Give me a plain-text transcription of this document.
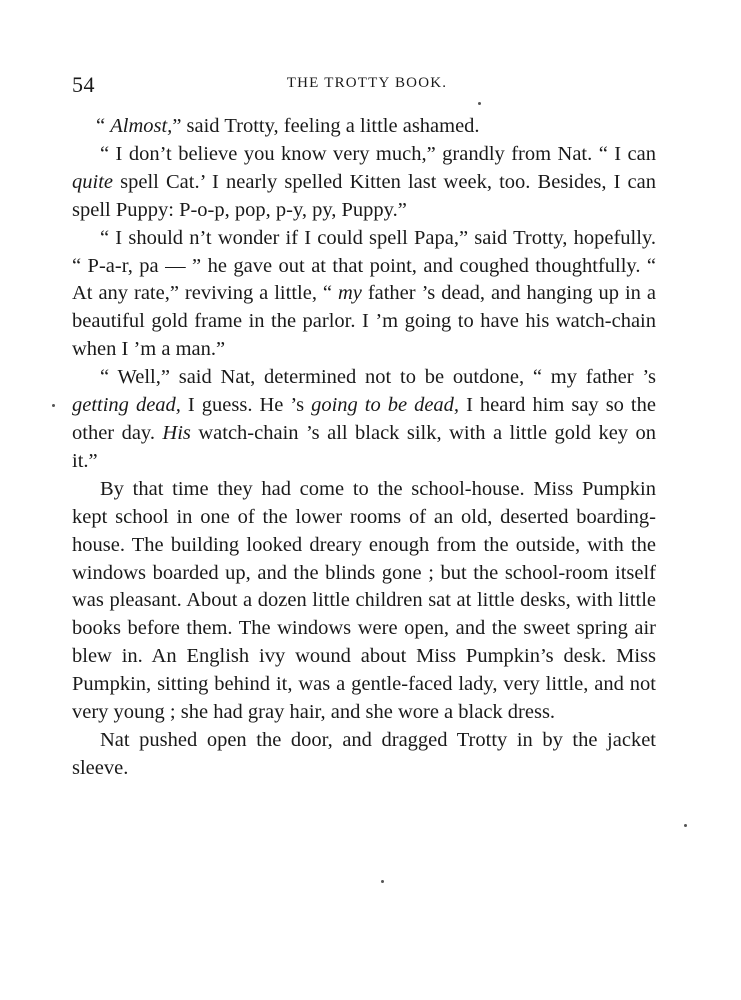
54	THE TROTTY BOOK.

“ Almost,” said Trotty, feeling a little ashamed.

“ I don’t believe you know very much,” grandly from Nat. “ I can quite spell Cat.’ I nearly spelled Kitten last week, too. Besides, I can spell Puppy: P-o-p, pop, p-y, py, Puppy.”

“ I should n’t wonder if I could spell Papa,” said Trotty, hopefully. “ P-a-r, pa — ” he gave out at that point, and coughed thoughtfully. “ At any rate,” reviving a little, “ my father ’s dead, and hanging up in a beautiful gold frame in the parlor. I ’m going to have his watch-chain when I ’m a man.”

“ Well,” said Nat, determined not to be outdone, “ my father ’s getting dead, I guess. He ’s going to be dead, I heard him say so the other day. His watch-chain ’s all black silk, with a little gold key on it.”

By that time they had come to the school-house. Miss Pumpkin kept school in one of the lower rooms of an old, deserted boarding-house. The building looked dreary enough from the outside, with the windows boarded up, and the blinds gone ; but the school-room itself was pleasant. About a dozen little children sat at little desks, with little books before them. The windows were open, and the sweet spring air blew in. An English ivy wound about Miss Pumpkin’s desk. Miss Pumpkin, sitting behind it, was a gentle-faced lady, very little, and not very young ; she had gray hair, and she wore a black dress.

Nat pushed open the door, and dragged Trotty in by the jacket sleeve.
